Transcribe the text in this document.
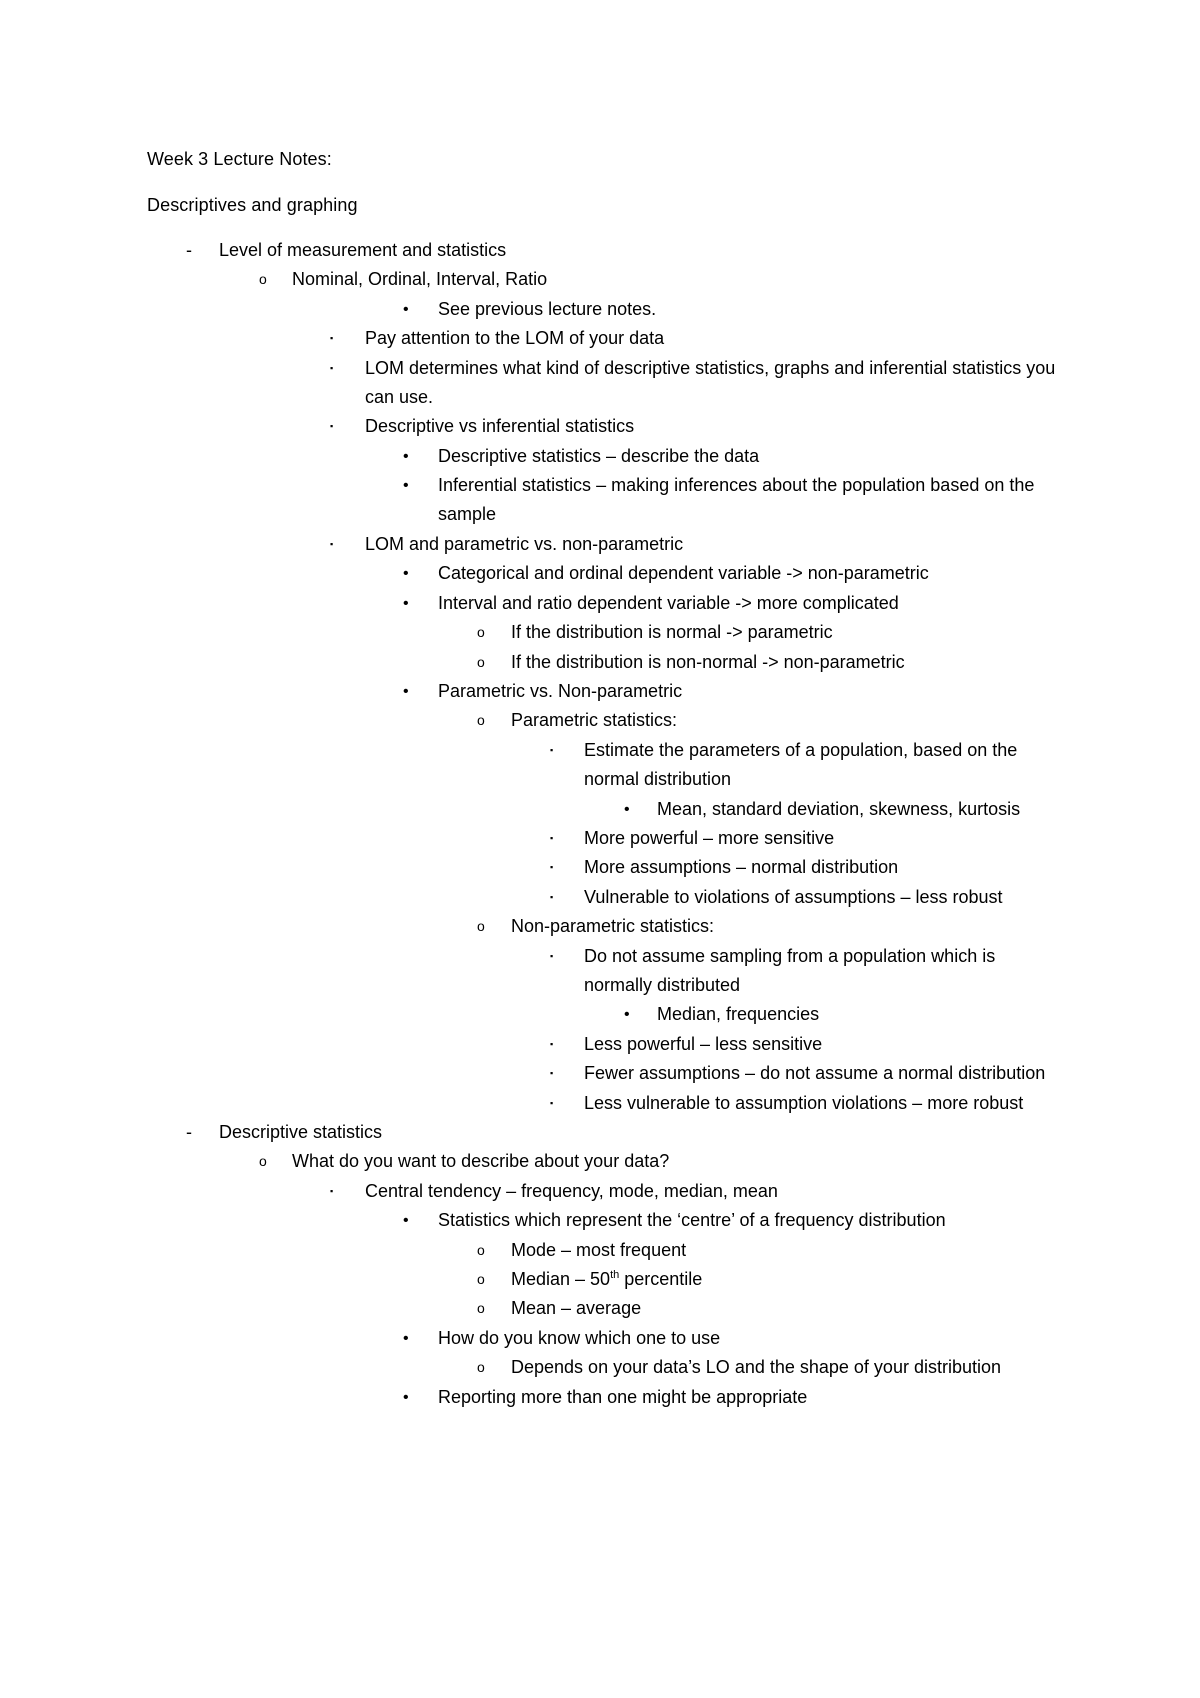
Week 3 Lecture Notes:
Descriptives and graphing
-	Level of measurement and statistics
o	Nominal, Ordinal, Interval, Ratio
•	See previous lecture notes.
▪	Pay attention to the LOM of your data
▪	LOM determines what kind of descriptive statistics, graphs and inferential statistics you can use.
▪	Descriptive vs inferential statistics
•	Descriptive statistics – describe the data
•	Inferential statistics – making inferences about the population based on the sample
▪	LOM and parametric vs. non-parametric
•	Categorical and ordinal dependent variable -> non-parametric
•	Interval and ratio dependent variable -> more complicated
o	If the distribution is normal -> parametric
o	If the distribution is non-normal -> non-parametric
•	Parametric vs. Non-parametric
o	Parametric statistics:
▪	Estimate the parameters of a population, based on the normal distribution
•	Mean, standard deviation, skewness, kurtosis
▪	More powerful – more sensitive
▪	More assumptions – normal distribution
▪	Vulnerable to violations of assumptions – less robust
o	Non-parametric statistics:
▪	Do not assume sampling from a population which is normally distributed
•	Median, frequencies
▪	Less powerful – less sensitive
▪	Fewer assumptions – do not assume a normal distribution
▪	Less vulnerable to assumption violations – more robust
-	Descriptive statistics
o	What do you want to describe about your data?
▪	Central tendency – frequency, mode, median, mean
•	Statistics which represent the ‘centre’ of a frequency distribution
o	Mode – most frequent
o	Median – 50th percentile
o	Mean – average
•	How do you know which one to use
o	Depends on your data’s LO and the shape of your distribution
•	Reporting more than one might be appropriate
